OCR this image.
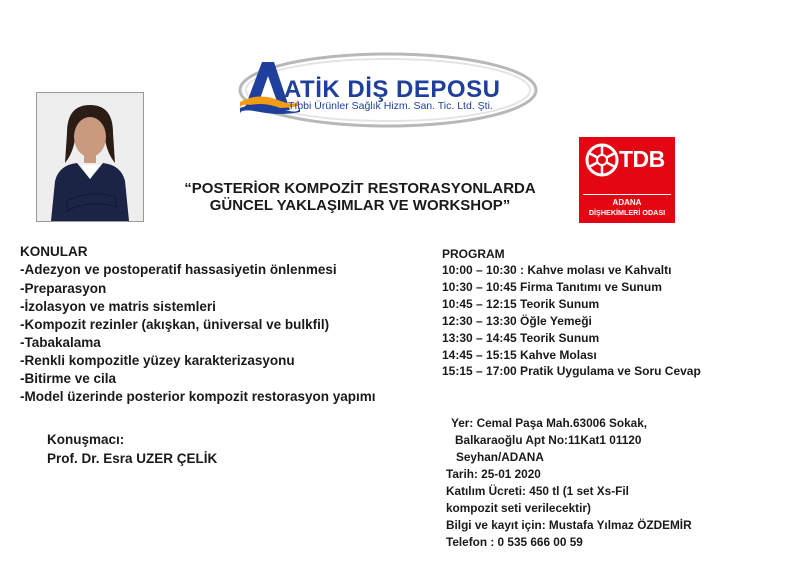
ATİK DİŞ DEPOSU
Tıbbi Ürünler Sağlık Hizm. San. Tic. Ltd. Şti.
TDB
ADANA
DİŞHEKİMLERİ ODASI
“POSTERİOR KOMPOZİT RESTORASYONLARDA
GÜNCEL YAKLAŞIMLAR VE WORKSHOP”
KONULAR
-Adezyon ve postoperatif hassasiyetin önlenmesi
-Preparasyon
-İzolasyon ve matris sistemleri
-Kompozit rezinler (akışkan, üniversal ve bulkfil)
-Tabakalama
-Renkli kompozitle yüzey karakterizasyonu
-Bitirme ve cila
-Model üzerinde posterior kompozit restorasyon yapımı
PROGRAM
10:00 – 10:30 : Kahve molası ve Kahvaltı
10:30 – 10:45 Firma Tanıtımı ve Sunum
10:45 – 12:15 Teorik Sunum
12:30 – 13:30 Öğle Yemeği
13:30 – 14:45 Teorik Sunum
14:45 – 15:15 Kahve Molası
15:15 – 17:00 Pratik Uygulama ve Soru Cevap
Konuşmacı:
Prof. Dr. Esra UZER ÇELİK
Yer: Cemal Paşa Mah.63006 Sokak,
Balkaraoğlu Apt No:11Kat1 01120
Seyhan/ADANA
Tarih: 25-01 2020
Katılım Ücreti: 450 tl (1 set Xs-Fil
kompozit seti verilecektir)
Bilgi ve kayıt için: Mustafa Yılmaz ÖZDEMİR
Telefon : 0 535 666 00 59
